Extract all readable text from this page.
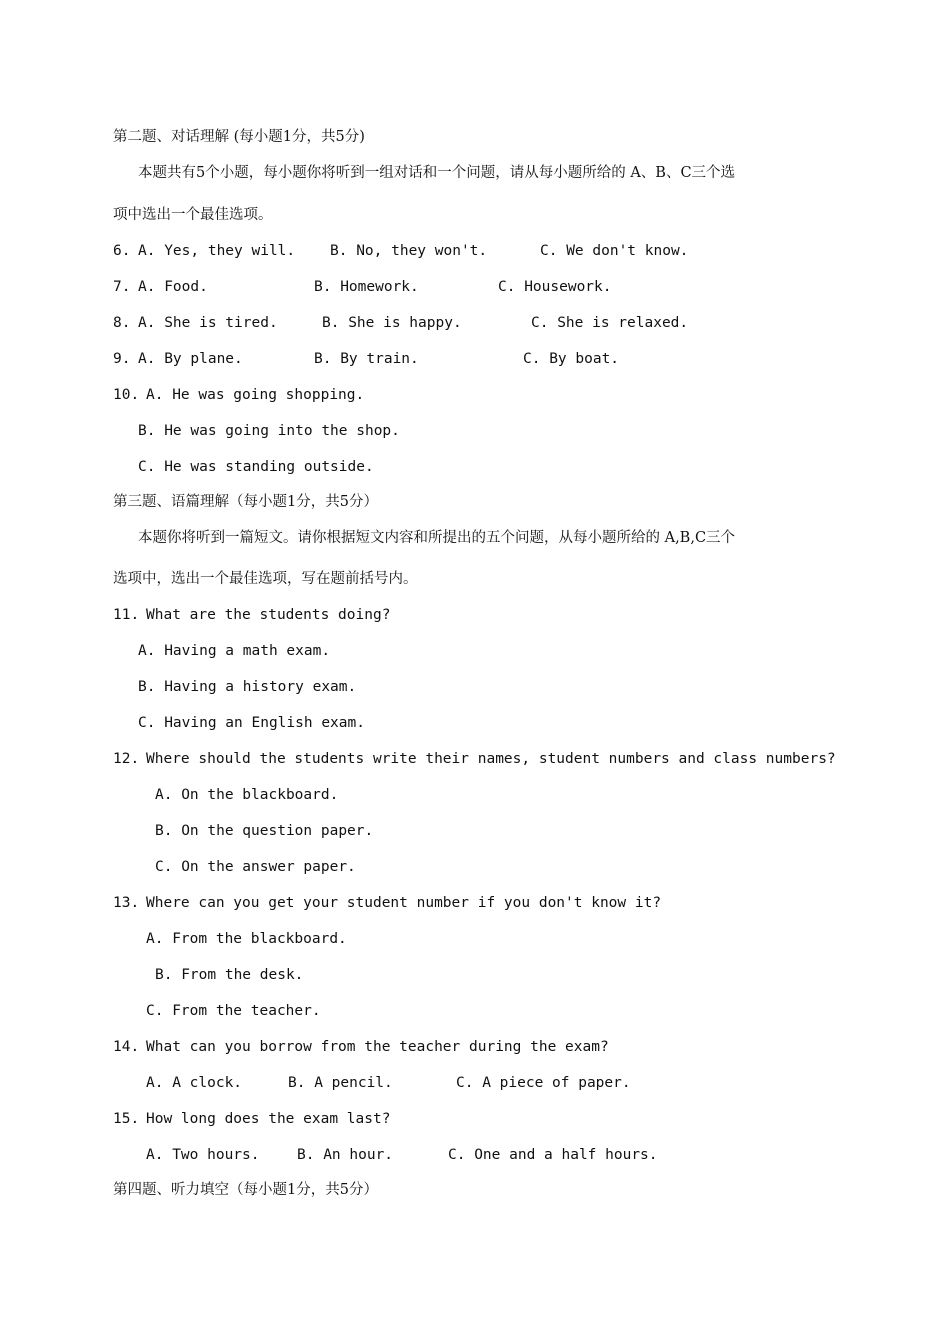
第二题、对话理解 (每小题1分，共5分)
本题共有5个小题，每小题你将听到一组对话和一个问题，请从每小题所给的 A、B、C三个选
项中选出一个最佳选项。
6. A. Yes, they will. B. No, they won't.	C. We don't know.
7. A. Food.	B. Homework.	C. Housework.
8. A. She is tired.	B. She is happy.	C. She is relaxed.
9. A. By plane.	B. By train.	C. By boat.
10. A. He was going shopping.
B. He was going into the shop.
C. He was standing outside.
第三题、语篇理解（每小题1分，共5分）
本题你将听到一篇短文。请你根据短文内容和所提出的五个问题，从每小题所给的 A,B,C三个
选项中，选出一个最佳选项，写在题前括号内。
11. What are the students doing?
A. Having a math exam.
B. Having a history exam.
C. Having an English exam.
12. Where should the students write their names, student numbers and class numbers?
A. On the blackboard.
B. On the question paper.
C. On the answer paper.
13. Where can you get your student number if you don't know it?
A. From the blackboard.
B. From the desk.
C. From the teacher.
14. What can you borrow from the teacher during the exam?
A. A clock.	B. A pencil.	C. A piece of paper.
15. How long does the exam last?
A. Two hours.	B. An hour.	C. One and a half hours.
第四题、听力填空（每小题1分，共5分）
